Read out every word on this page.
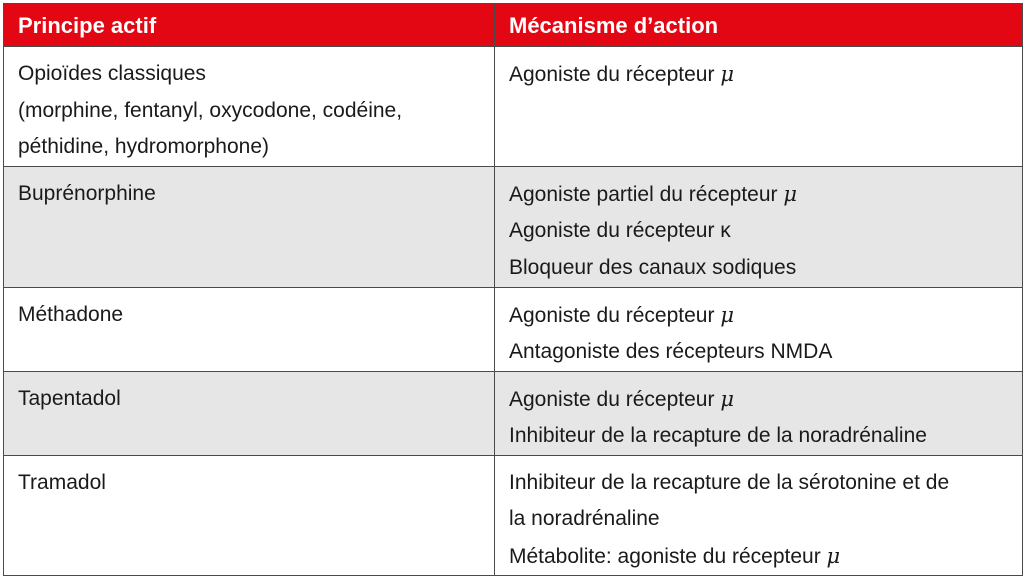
Principe actif	Mécanisme d’action

Opioïdes classiques
(morphine, fentanyl, oxycodone, codéine,
péthidine, hydromorphone)	Agoniste du récepteur μ

Buprénorphine	Agoniste partiel du récepteur μ
Agoniste du récepteur κ
Bloqueur des canaux sodiques

Méthadone	Agoniste du récepteur μ
Antagoniste des récepteurs NMDA

Tapentadol	Agoniste du récepteur μ
Inhibiteur de la recapture de la noradrénaline

Tramadol	Inhibiteur de la recapture de la sérotonine et de
la noradrénaline
Métabolite: agoniste du récepteur μ
